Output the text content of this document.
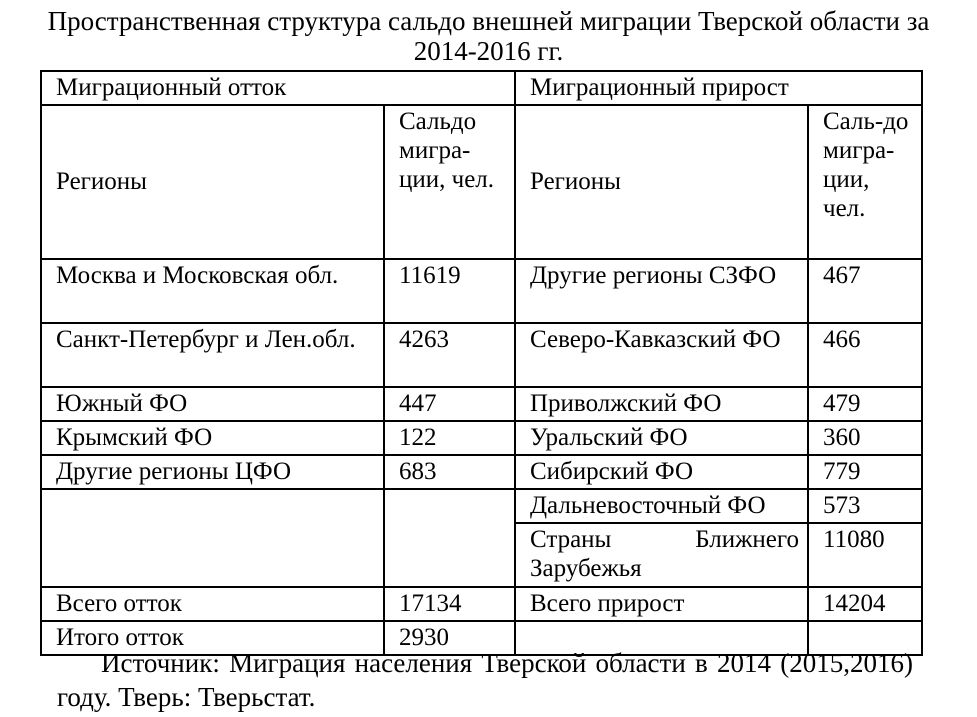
Пространственная структура сальдо внешней миграции Тверской области за 2014-2016 гг.
Миграционный отток		Миграционный прирост	
Регионы	Сальдо мигра-ции, чел.	Регионы	Саль-до мигра-ции, чел.
Москва и Московская обл.	11619	Другие регионы СЗФО	467
Санкт-Петербург и Лен.обл.	4263	Северо-Кавказский ФО	466
Южный ФО	447	Приволжский ФО	479
Крымский ФО	122	Уральский ФО	360
Другие регионы ЦФО	683	Сибирский ФО	779
		Дальневосточный ФО	573
		Страны Ближнего Зарубежья	11080
Всего отток	17134	Всего прирост	14204
Итого отток	2930		

Источник: Миграция населения Тверской области в 2014 (2015,2016) году. Тверь: Тверьстат.
